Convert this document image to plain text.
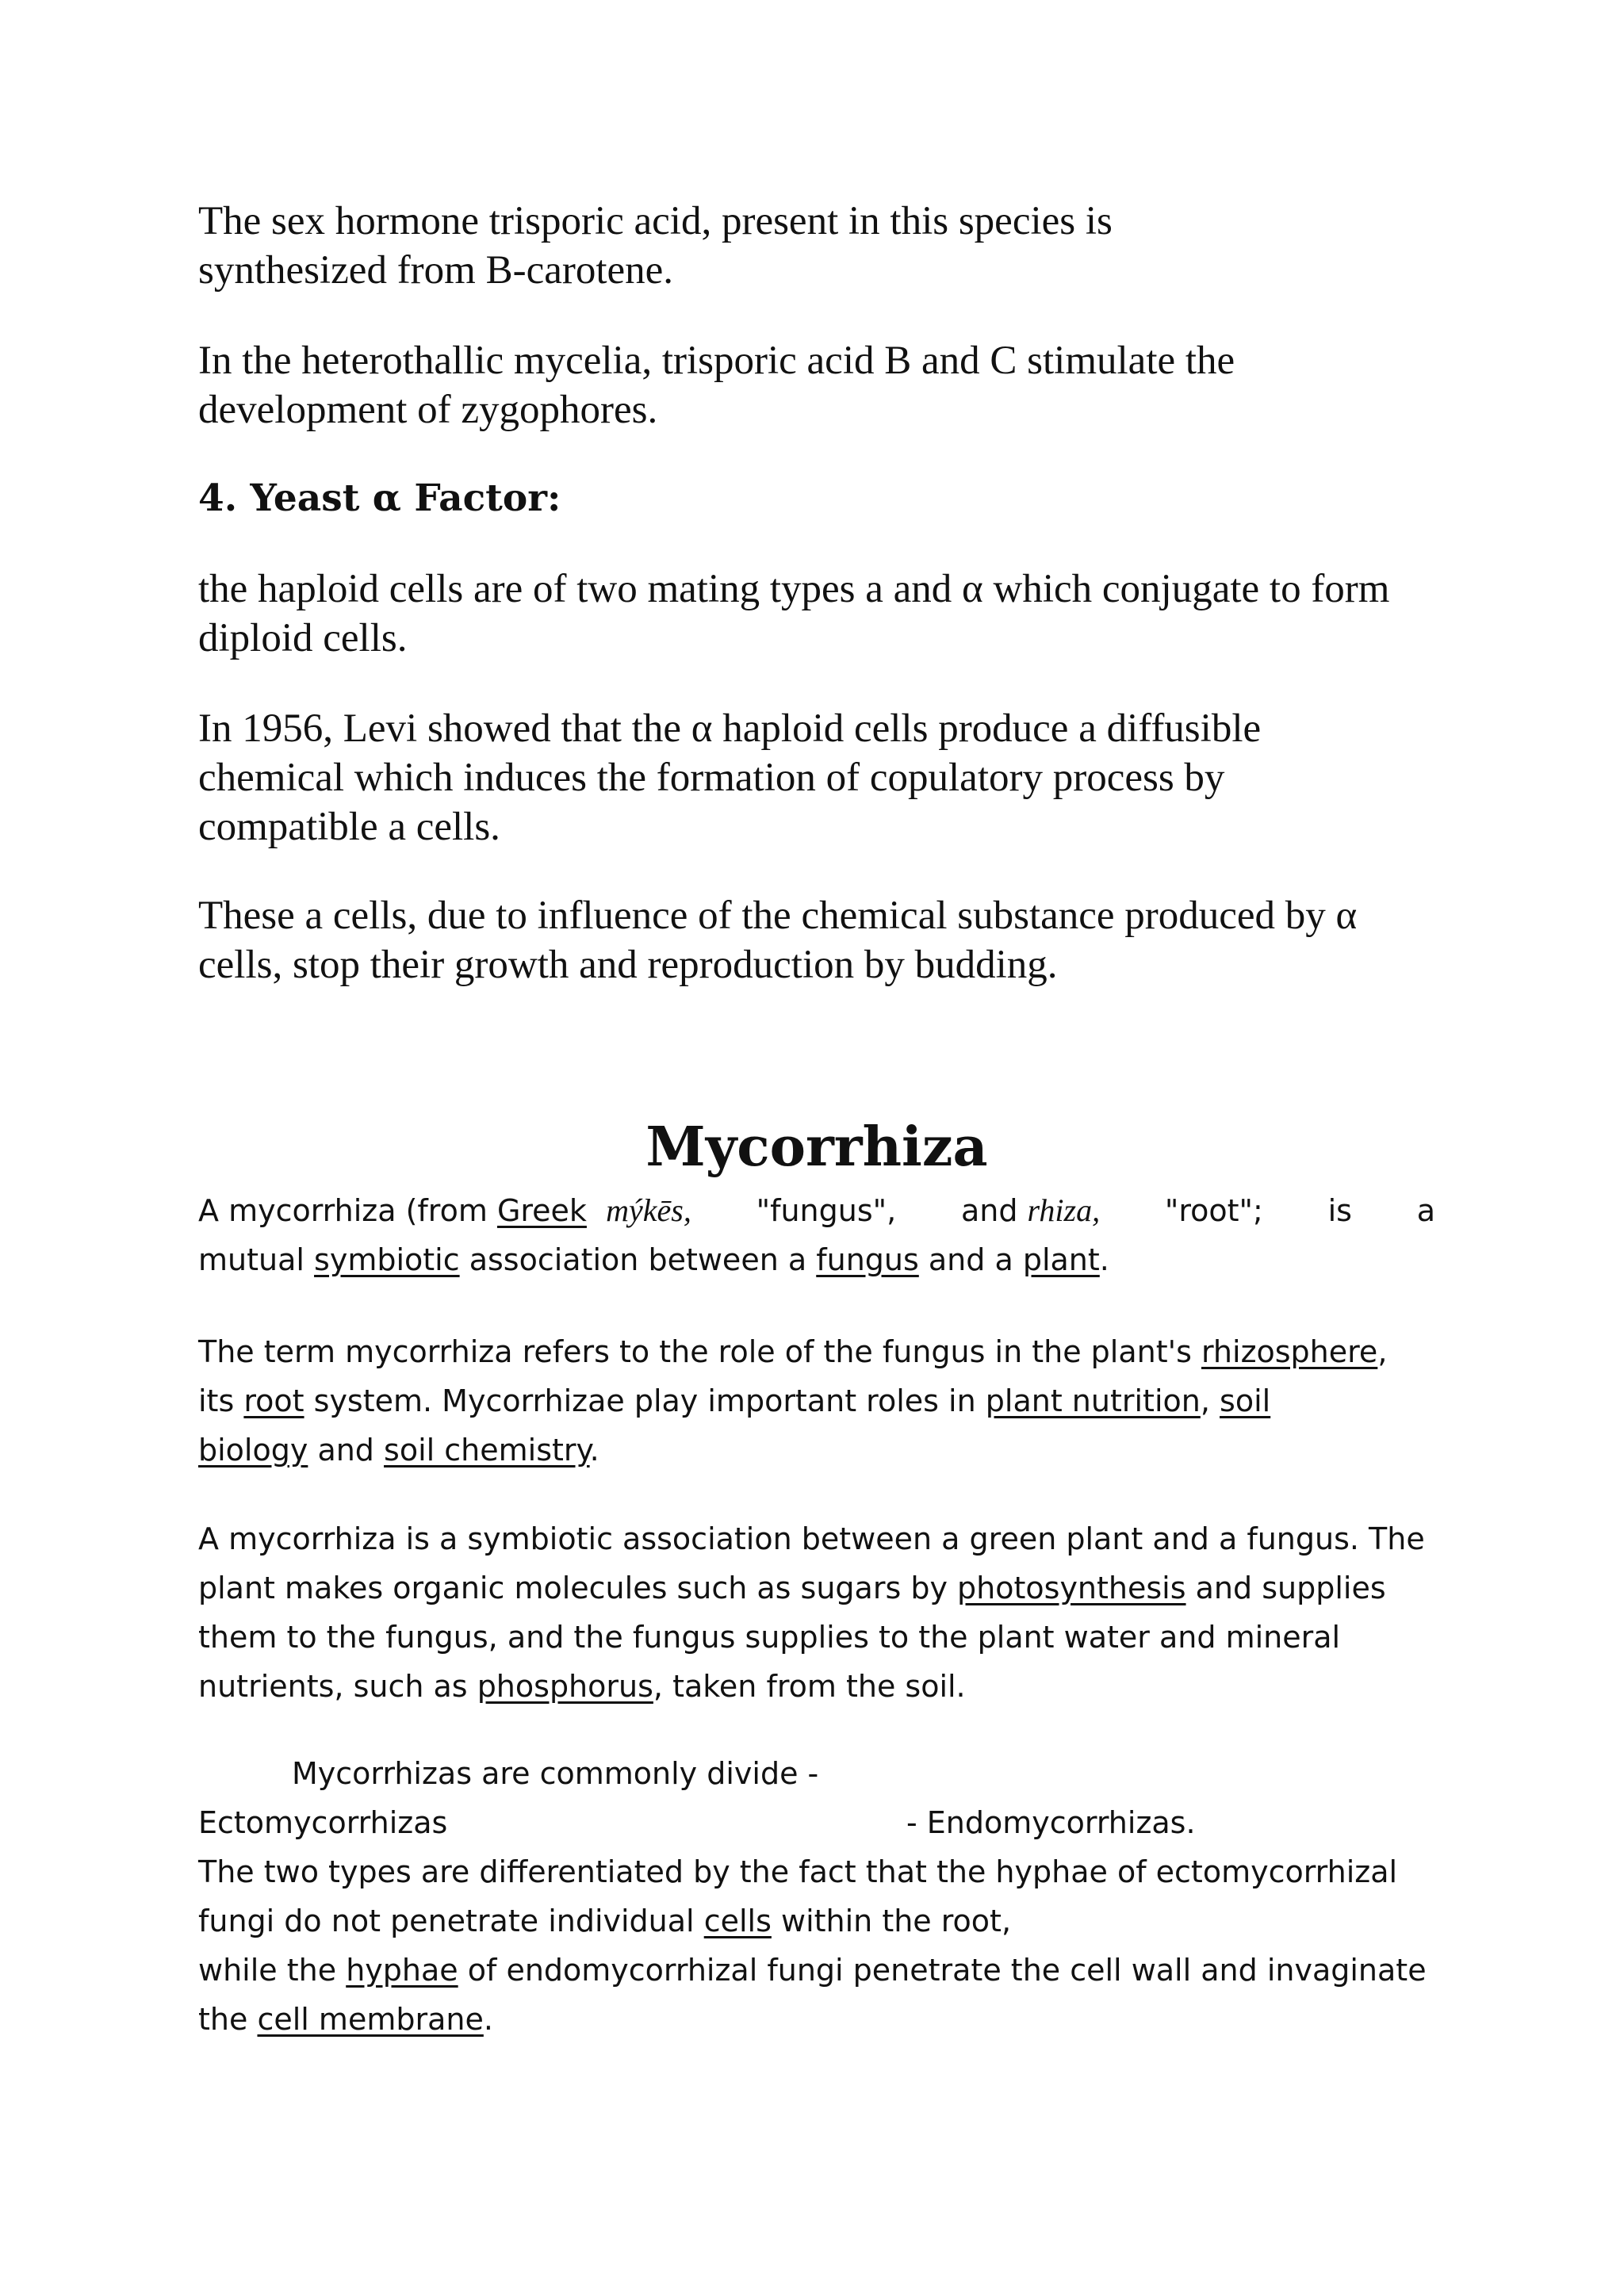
The sex hormone trisporic acid, present in this species is synthesized from B-carotene.

In the heterothallic mycelia, trisporic acid B and C stimulate the development of zygophores.

4. Yeast α Factor:

the haploid cells are of two mating types a and α which conjugate to form diploid cells.

In 1956, Levi showed that the α haploid cells produce a diffusible chemical which induces the formation of copulatory process by compatible a cells.

These a cells, due to influence of the chemical substance produced by α cells, stop their growth and reproduction by budding.

Mycorrhiza
A mycorrhiza (from Greek mýkēs, "fungus", and rhiza, "root"; is a
mutual symbiotic association between a fungus and a plant.
The term mycorrhiza refers to the role of the fungus in the plant's rhizosphere,
its root system. Mycorrhizae play important roles in plant nutrition, soil
biology and soil chemistry.
A mycorrhiza is a symbiotic association between a green plant and a fungus. The plant makes organic molecules such as sugars by photosynthesis and supplies them to the fungus, and the fungus supplies to the plant water and mineral nutrients, such as phosphorus, taken from the soil.
Mycorrhizas are commonly divide -
Ectomycorrhizas	- Endomycorrhizas.
The two types are differentiated by the fact that the hyphae of ectomycorrhizal fungi do not penetrate individual cells within the root,
while the hyphae of endomycorrhizal fungi penetrate the cell wall and invaginate
the cell membrane.
